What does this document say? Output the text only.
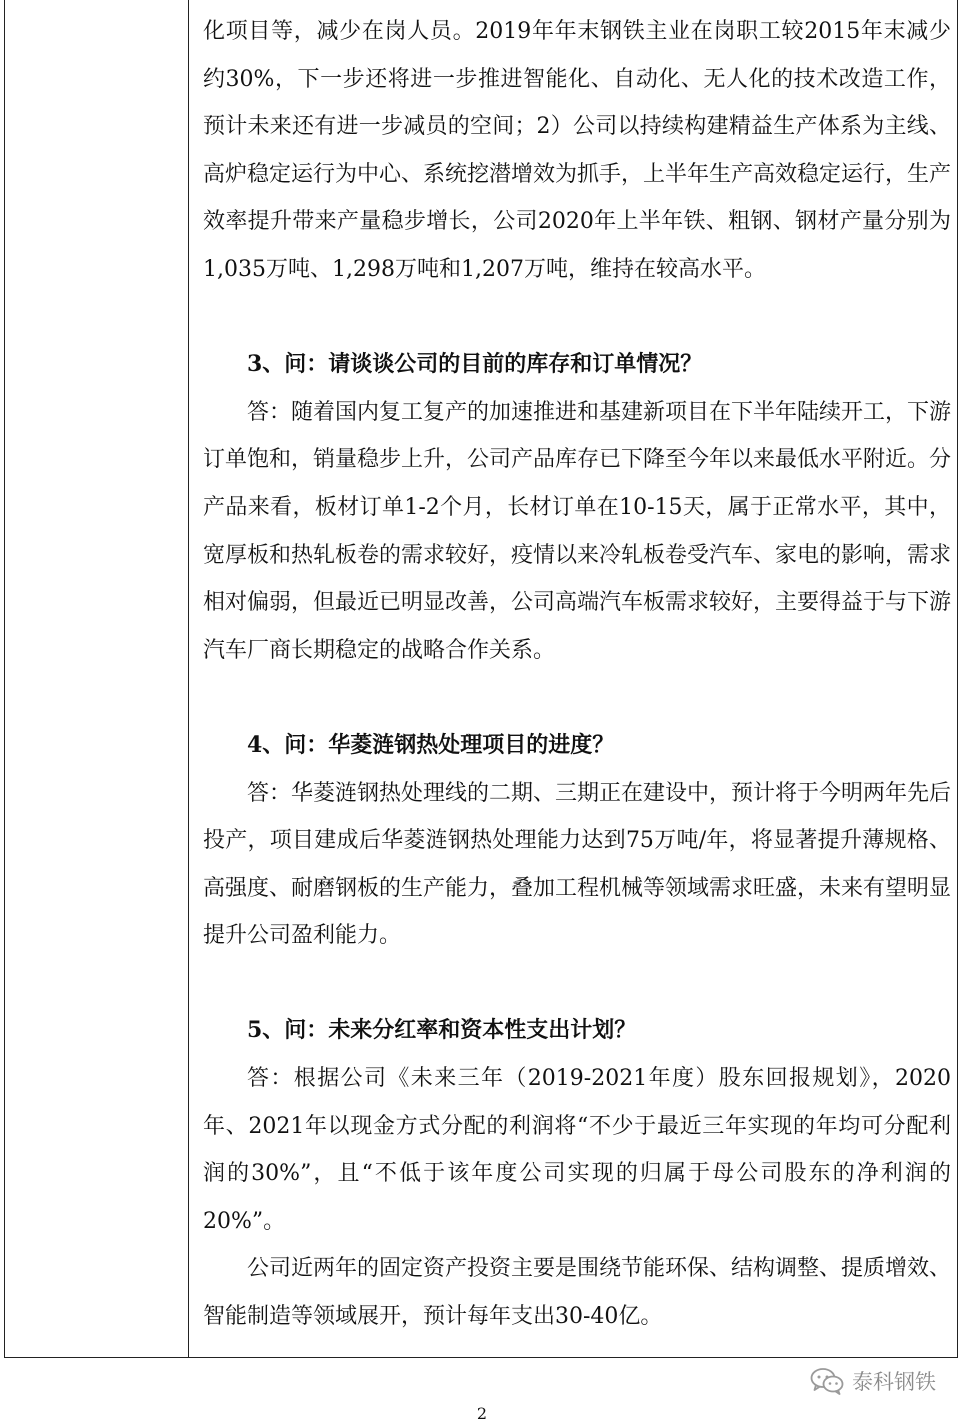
化项目等，减少在岗人员。2019年年末钢铁主业在岗职工较2015年末减少约30%，下一步还将进一步推进智能化、自动化、无人化的技术改造工作，预计未来还有进一步减员的空间；2）公司以持续构建精益生产体系为主线、高炉稳定运行为中心、系统挖潜增效为抓手，上半年生产高效稳定运行，生产效率提升带来产量稳步增长，公司2020年上半年铁、粗钢、钢材产量分别为1,035万吨、1,298万吨和1,207万吨，维持在较高水平。

3、问：请谈谈公司的目前的库存和订单情况？

答：随着国内复工复产的加速推进和基建新项目在下半年陆续开工，下游订单饱和，销量稳步上升，公司产品库存已下降至今年以来最低水平附近。分产品来看，板材订单1-2个月，长材订单在10-15天，属于正常水平，其中，宽厚板和热轧板卷的需求较好，疫情以来冷轧板卷受汽车、家电的影响，需求相对偏弱，但最近已明显改善，公司高端汽车板需求较好，主要得益于与下游汽车厂商长期稳定的战略合作关系。

4、问：华菱涟钢热处理项目的进度？

答：华菱涟钢热处理线的二期、三期正在建设中，预计将于今明两年先后投产，项目建成后华菱涟钢热处理能力达到75万吨/年，将显著提升薄规格、高强度、耐磨钢板的生产能力，叠加工程机械等领域需求旺盛，未来有望明显提升公司盈利能力。

5、问：未来分红率和资本性支出计划？

答：根据公司《未来三年（2019-2021年度）股东回报规划》，2020年、2021年以现金方式分配的利润将“不少于最近三年实现的年均可分配利润的30%”，且“不低于该年度公司实现的归属于母公司股东的净利润的20%”。

公司近两年的固定资产投资主要是围绕节能环保、结构调整、提质增效、智能制造等领域展开，预计每年支出30-40亿。

泰科钢铁
2
